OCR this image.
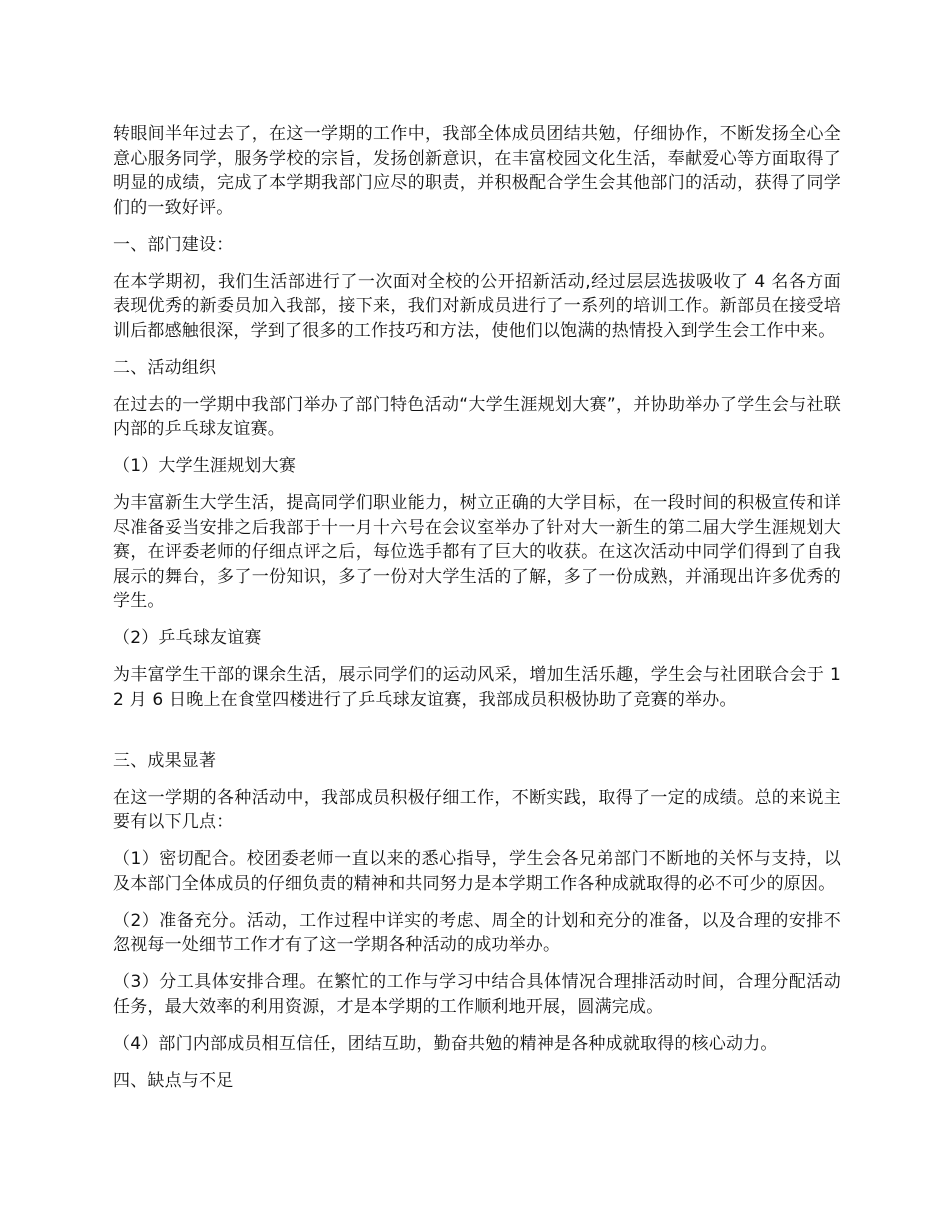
转眼间半年过去了，在这一学期的工作中，我部全体成员团结共勉，仔细协作，不断发扬全心全意心服务同学，服务学校的宗旨，发扬创新意识，在丰富校园文化生活，奉献爱心等方面取得了明显的成绩，完成了本学期我部门应尽的职责，并积极配合学生会其他部门的活动，获得了同学们的一致好评。

一、部门建设：

在本学期初，我们生活部进行了一次面对全校的公开招新活动,经过层层选拔吸收了 4 名各方面表现优秀的新委员加入我部，接下来，我们对新成员进行了一系列的培训工作。新部员在接受培训后都感触很深，学到了很多的工作技巧和方法，使他们以饱满的热情投入到学生会工作中来。

二、活动组织

在过去的一学期中我部门举办了部门特色活动“大学生涯规划大赛”，并协助举办了学生会与社联内部的乒乓球友谊赛。

（1）大学生涯规划大赛

为丰富新生大学生活，提高同学们职业能力，树立正确的大学目标，在一段时间的积极宣传和详尽准备妥当安排之后我部于十一月十六号在会议室举办了针对大一新生的第二届大学生涯规划大赛，在评委老师的仔细点评之后，每位选手都有了巨大的收获。在这次活动中同学们得到了自我展示的舞台，多了一份知识，多了一份对大学生活的了解，多了一份成熟，并涌现出许多优秀的学生。

（2）乒乓球友谊赛

为丰富学生干部的课余生活，展示同学们的运动风采，增加生活乐趣，学生会与社团联合会于 12 月 6 日晚上在食堂四楼进行了乒乓球友谊赛，我部成员积极协助了竞赛的举办。

三、成果显著

在这一学期的各种活动中，我部成员积极仔细工作，不断实践，取得了一定的成绩。总的来说主要有以下几点：

（1）密切配合。校团委老师一直以来的悉心指导，学生会各兄弟部门不断地的关怀与支持，以及本部门全体成员的仔细负责的精神和共同努力是本学期工作各种成就取得的必不可少的原因。

（2）准备充分。活动，工作过程中详实的考虑、周全的计划和充分的准备，以及合理的安排不忽视每一处细节工作才有了这一学期各种活动的成功举办。

（3）分工具体安排合理。在繁忙的工作与学习中结合具体情况合理排活动时间，合理分配活动任务，最大效率的利用资源，才是本学期的工作顺利地开展，圆满完成。

（4）部门内部成员相互信任，团结互助，勤奋共勉的精神是各种成就取得的核心动力。

四、缺点与不足
